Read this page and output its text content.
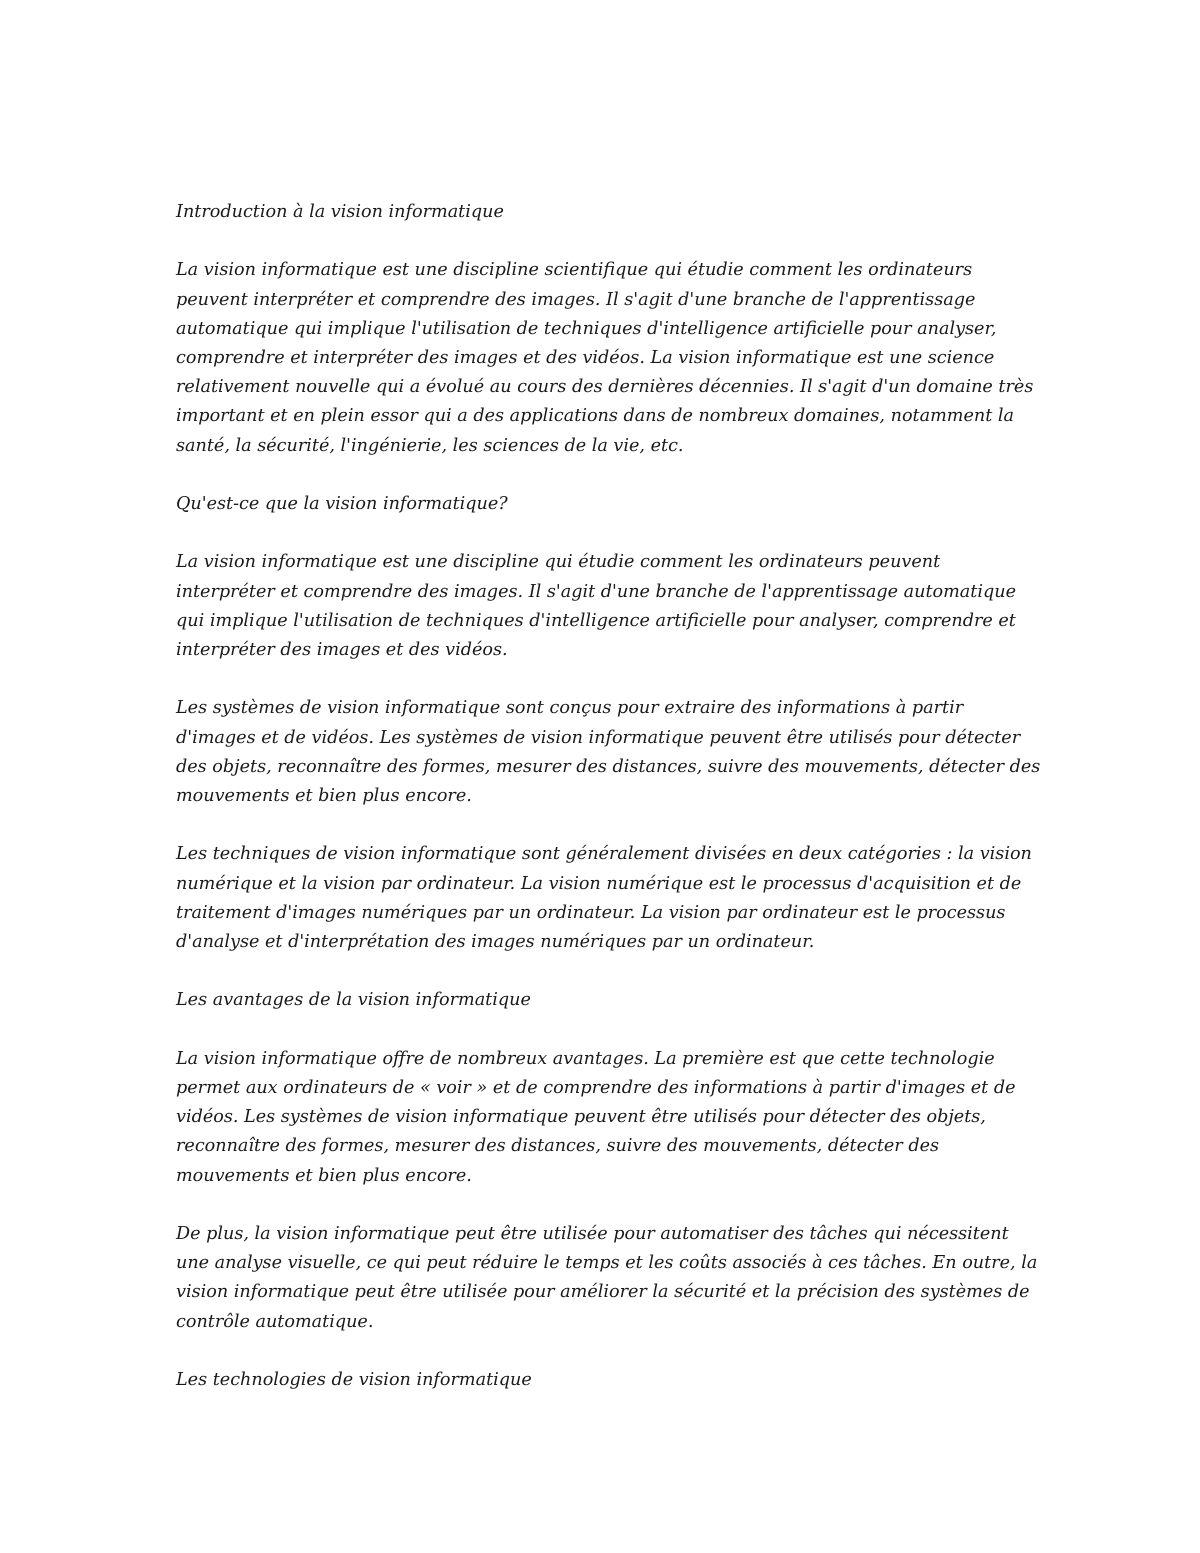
Introduction à la vision informatique
La vision informatique est une discipline scientifique qui étudie comment les ordinateurs
peuvent interpréter et comprendre des images. Il s'agit d'une branche de l'apprentissage
automatique qui implique l'utilisation de techniques d'intelligence artificielle pour analyser,
comprendre et interpréter des images et des vidéos. La vision informatique est une science
relativement nouvelle qui a évolué au cours des dernières décennies. Il s'agit d'un domaine très
important et en plein essor qui a des applications dans de nombreux domaines, notamment la
santé, la sécurité, l'ingénierie, les sciences de la vie, etc.
Qu'est-ce que la vision informatique?
La vision informatique est une discipline qui étudie comment les ordinateurs peuvent
interpréter et comprendre des images. Il s'agit d'une branche de l'apprentissage automatique
qui implique l'utilisation de techniques d'intelligence artificielle pour analyser, comprendre et
interpréter des images et des vidéos.
Les systèmes de vision informatique sont conçus pour extraire des informations à partir
d'images et de vidéos. Les systèmes de vision informatique peuvent être utilisés pour détecter
des objets, reconnaître des formes, mesurer des distances, suivre des mouvements, détecter des
mouvements et bien plus encore.
Les techniques de vision informatique sont généralement divisées en deux catégories : la vision
numérique et la vision par ordinateur. La vision numérique est le processus d'acquisition et de
traitement d'images numériques par un ordinateur. La vision par ordinateur est le processus
d'analyse et d'interprétation des images numériques par un ordinateur.
Les avantages de la vision informatique
La vision informatique offre de nombreux avantages. La première est que cette technologie
permet aux ordinateurs de « voir » et de comprendre des informations à partir d'images et de
vidéos. Les systèmes de vision informatique peuvent être utilisés pour détecter des objets,
reconnaître des formes, mesurer des distances, suivre des mouvements, détecter des
mouvements et bien plus encore.
De plus, la vision informatique peut être utilisée pour automatiser des tâches qui nécessitent
une analyse visuelle, ce qui peut réduire le temps et les coûts associés à ces tâches. En outre, la
vision informatique peut être utilisée pour améliorer la sécurité et la précision des systèmes de
contrôle automatique.
Les technologies de vision informatique
